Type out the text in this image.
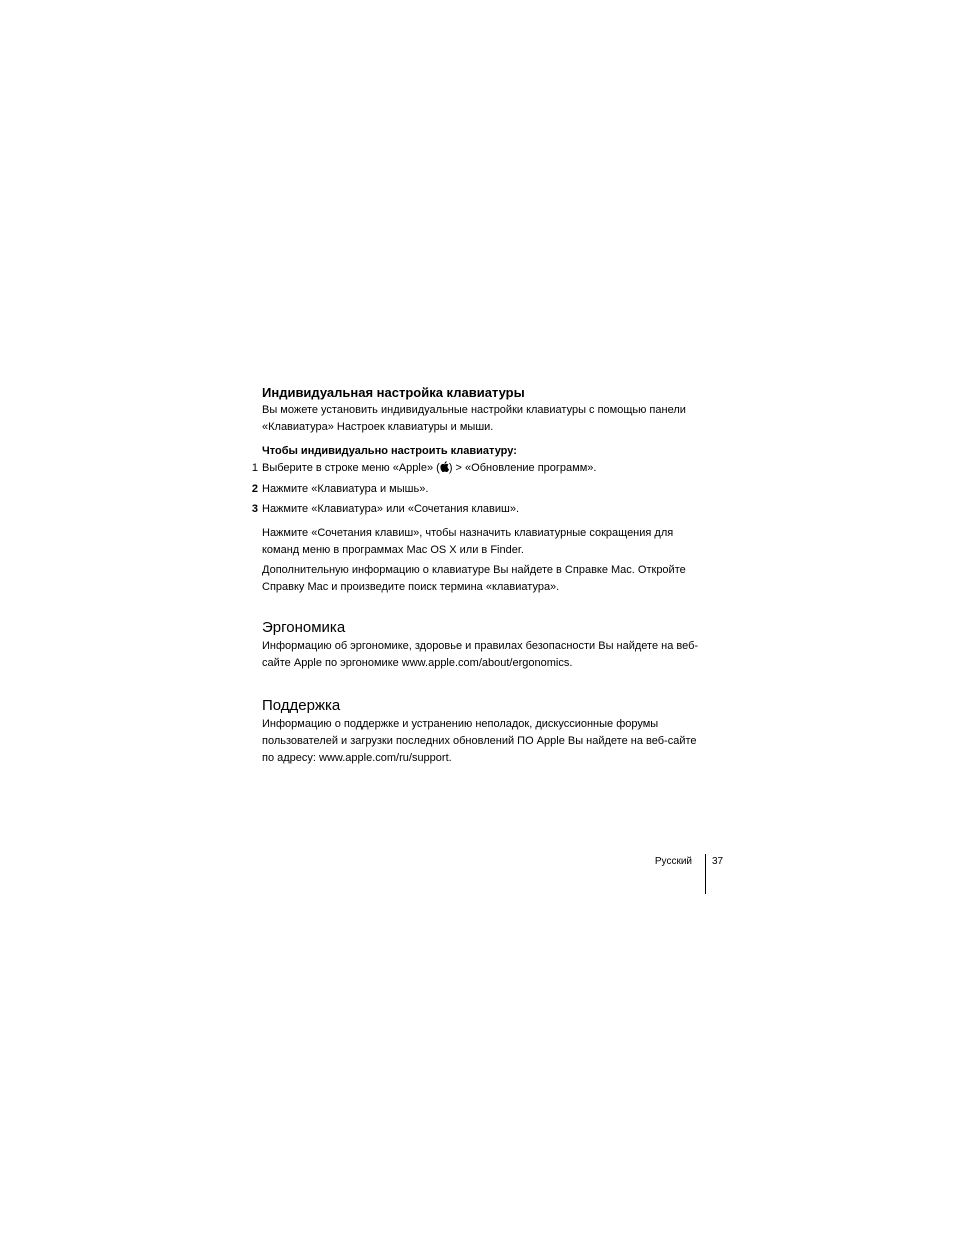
Индивидуальная настройка клавиатуры

Вы можете установить индивидуальные настройки клавиатуры с помощью панели
«Клавиатура» Настроек клавиатуры и мыши.

Чтобы индивидуально настроить клавиатуру:

1 Выберите в строке меню «Apple» ( ) > «Обновление программ».
2 Нажмите «Клавиатура и мышь».
3 Нажмите «Клавиатура» или «Сочетания клавиш».

Нажмите «Сочетания клавиш», чтобы назначить клавиатурные сокращения для
команд меню в программах Mac OS X или в Finder.

Дополнительную информацию о клавиатуре Вы найдете в Справке Mac. Откройте
Справку Mac и произведите поиск термина «клавиатура».

Эргономика

Информацию об эргономике, здоровье и правилах безопасности Вы найдете на веб-
сайте Apple по эргономике www.apple.com/about/ergonomics.

Поддержка

Информацию о поддержке и устранению неполадок, дискуссионные форумы
пользователей и загрузки последних обновлений ПО Apple Вы найдете на веб-сайте
по адресу: www.apple.com/ru/support.

Русский 37
